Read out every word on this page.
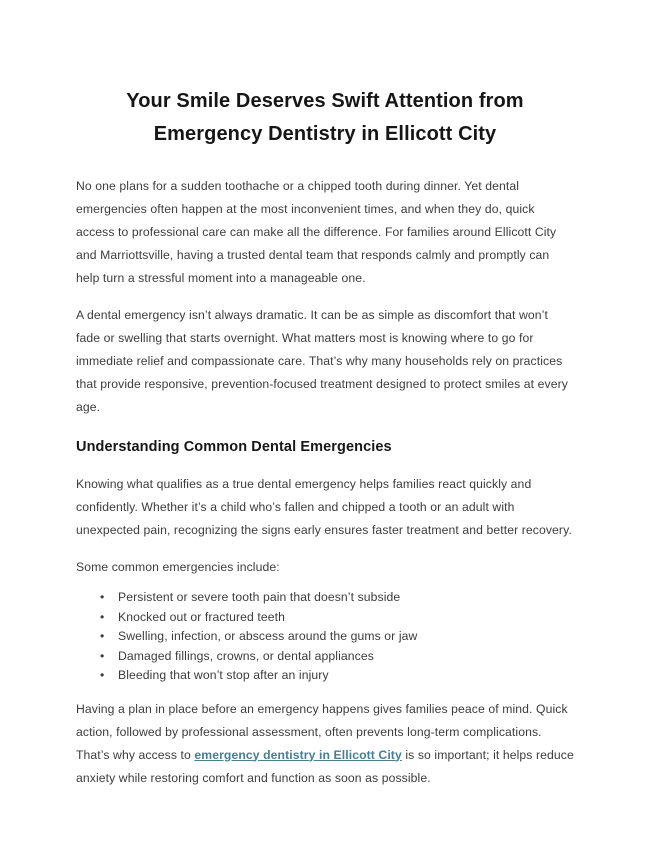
Your Smile Deserves Swift Attention from Emergency Dentistry in Ellicott City

No one plans for a sudden toothache or a chipped tooth during dinner. Yet dental emergencies often happen at the most inconvenient times, and when they do, quick access to professional care can make all the difference. For families around Ellicott City and Marriottsville, having a trusted dental team that responds calmly and promptly can help turn a stressful moment into a manageable one.

A dental emergency isn’t always dramatic. It can be as simple as discomfort that won’t fade or swelling that starts overnight. What matters most is knowing where to go for immediate relief and compassionate care. That’s why many households rely on practices that provide responsive, prevention-focused treatment designed to protect smiles at every age.

Understanding Common Dental Emergencies

Knowing what qualifies as a true dental emergency helps families react quickly and confidently. Whether it’s a child who’s fallen and chipped a tooth or an adult with unexpected pain, recognizing the signs early ensures faster treatment and better recovery.

Some common emergencies include:

• Persistent or severe tooth pain that doesn’t subside
• Knocked out or fractured teeth
• Swelling, infection, or abscess around the gums or jaw
• Damaged fillings, crowns, or dental appliances
• Bleeding that won’t stop after an injury

Having a plan in place before an emergency happens gives families peace of mind. Quick action, followed by professional assessment, often prevents long-term complications. That’s why access to emergency dentistry in Ellicott City is so important; it helps reduce anxiety while restoring comfort and function as soon as possible.
